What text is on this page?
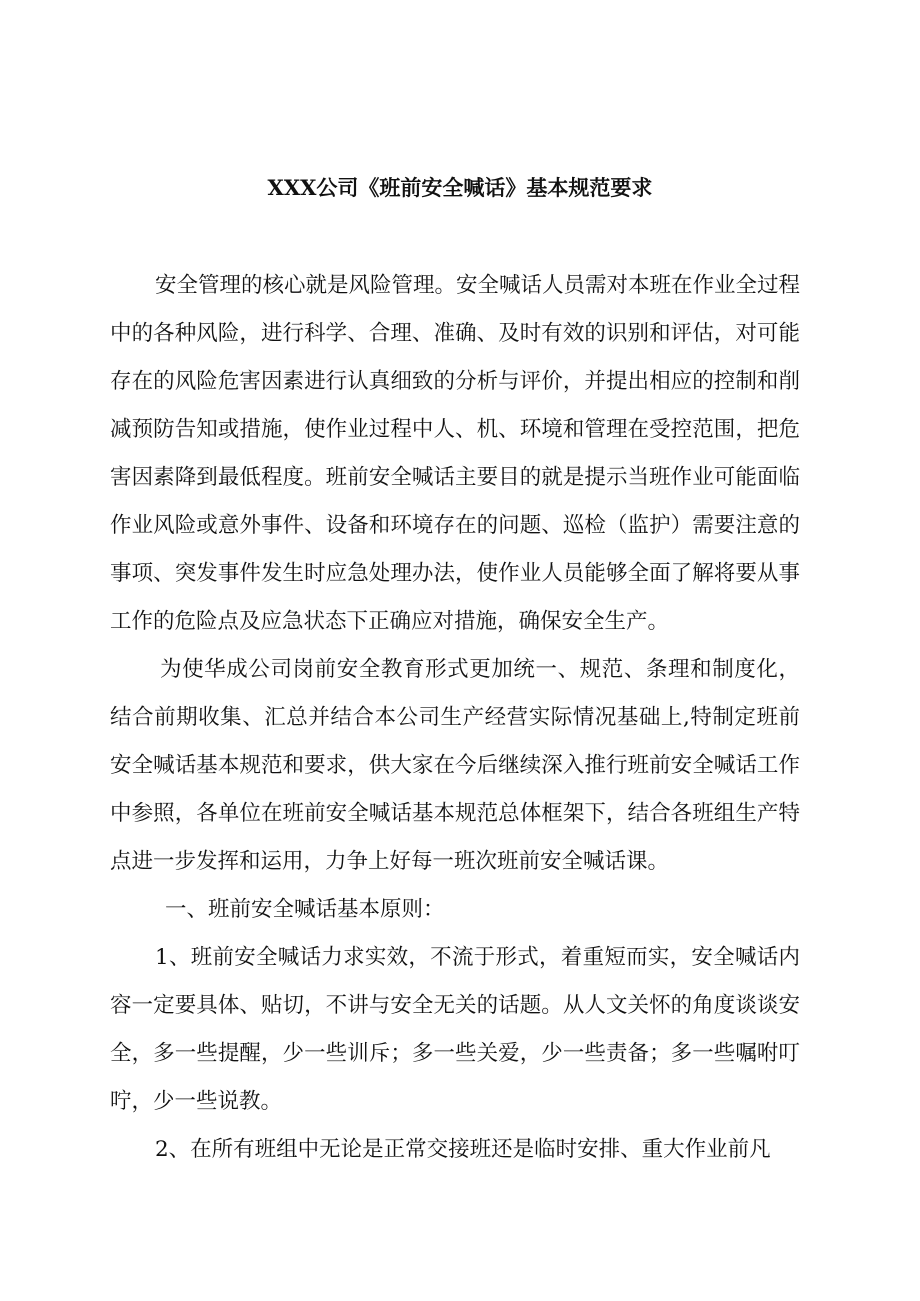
XXX公司《班前安全喊话》基本规范要求

安全管理的核心就是风险管理。安全喊话人员需对本班在作业全过程中的各种风险，进行科学、合理、准确、及时有效的识别和评估，对可能存在的风险危害因素进行认真细致的分析与评价，并提出相应的控制和削减预防告知或措施，使作业过程中人、机、环境和管理在受控范围，把危害因素降到最低程度。班前安全喊话主要目的就是提示当班作业可能面临作业风险或意外事件、设备和环境存在的问题、巡检（监护）需要注意的事项、突发事件发生时应急处理办法，使作业人员能够全面了解将要从事工作的危险点及应急状态下正确应对措施，确保安全生产。

为使华成公司岗前安全教育形式更加统一、规范、条理和制度化，结合前期收集、汇总并结合本公司生产经营实际情况基础上,特制定班前安全喊话基本规范和要求，供大家在今后继续深入推行班前安全喊话工作中参照，各单位在班前安全喊话基本规范总体框架下，结合各班组生产特点进一步发挥和运用，力争上好每一班次班前安全喊话课。

一、班前安全喊话基本原则：

1、班前安全喊话力求实效，不流于形式，着重短而实，安全喊话内容一定要具体、贴切，不讲与安全无关的话题。从人文关怀的角度谈谈安全，多一些提醒，少一些训斥；多一些关爱，少一些责备；多一些嘱咐叮咛，少一些说教。

2、在所有班组中无论是正常交接班还是临时安排、重大作业前凡
